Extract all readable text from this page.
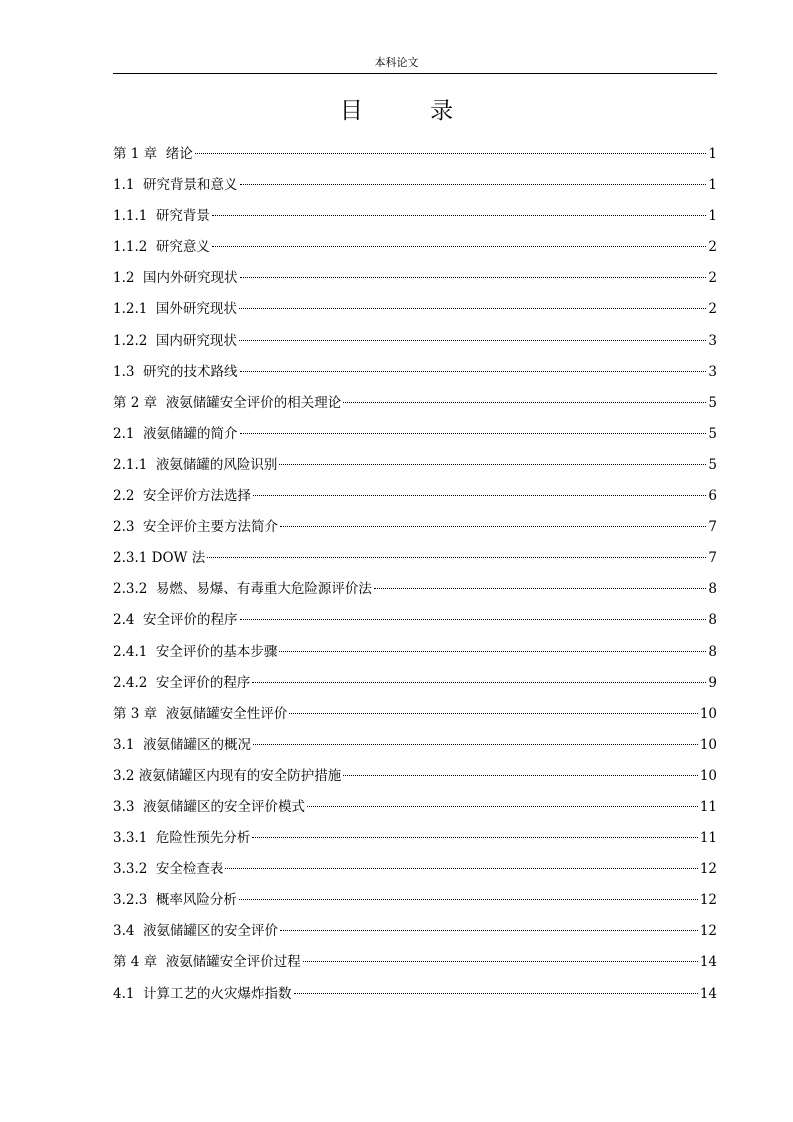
本科论文
目 录
第 1 章  绪论	1
1.1  研究背景和意义	1
1.1.1  研究背景	1
1.1.2  研究意义	2
1.2  国内外研究现状	2
1.2.1  国外研究现状	2
1.2.2  国内研究现状	3
1.3  研究的技术路线	3
第 2 章  液氨储罐安全评价的相关理论	5
2.1  液氨储罐的简介	5
2.1.1  液氨储罐的风险识别	5
2.2  安全评价方法选择	6
2.3  安全评价主要方法简介	7
2.3.1 DOW 法	7
2.3.2  易燃、易爆、有毒重大危险源评价法	8
2.4  安全评价的程序	8
2.4.1  安全评价的基本步骤	8
2.4.2  安全评价的程序	9
第 3 章  液氨储罐安全性评价	10
3.1  液氨储罐区的概况	10
3.2 液氨储罐区内现有的安全防护措施	10
3.3  液氨储罐区的安全评价模式	11
3.3.1  危险性预先分析	11
3.3.2  安全检查表	12
3.2.3  概率风险分析	12
3.4  液氨储罐区的安全评价	12
第 4 章  液氨储罐安全评价过程	14
4.1  计算工艺的火灾爆炸指数	14
